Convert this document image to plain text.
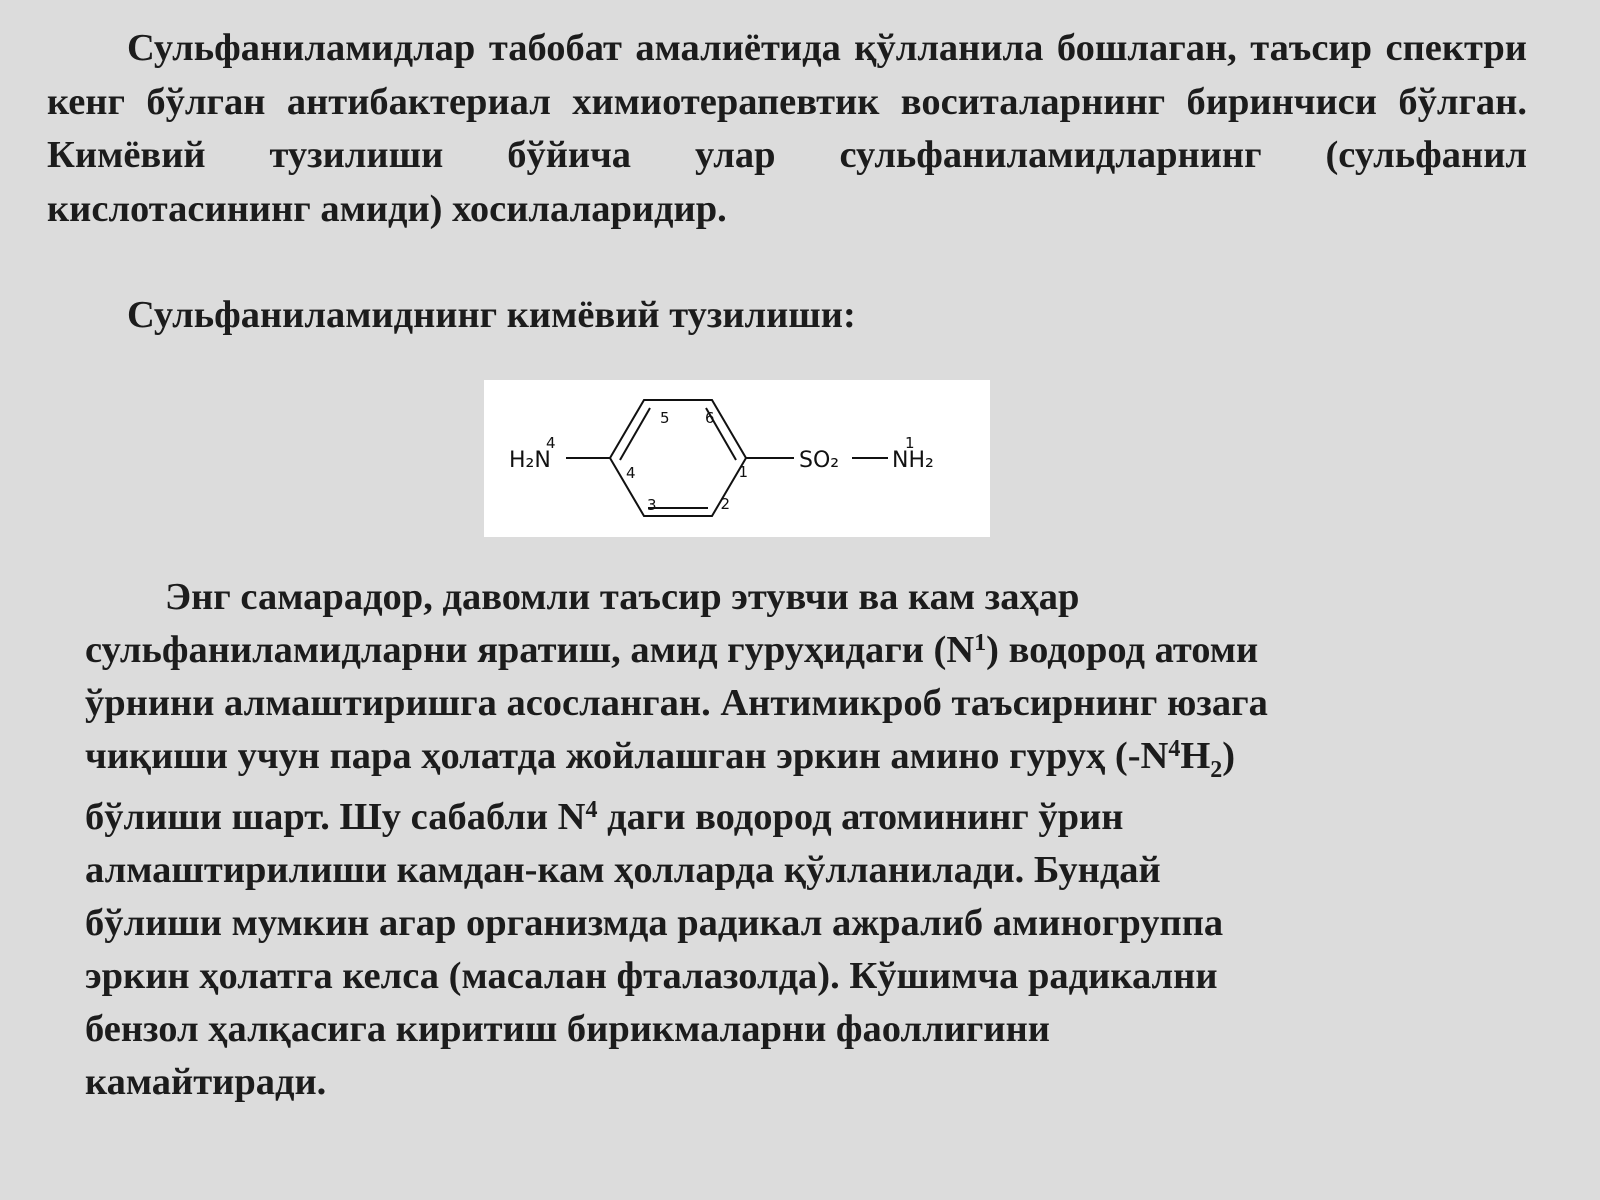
Сульфаниламидлар табобат амалиётида қўлланила бошлаган, таъсир спектри кенг бўлган антибактериал химиотерапевтик воситаларнинг биринчиси бўлган. Кимёвий тузилиши бўйича улар сульфаниламидларнинг (сульфанил кислотасининг амиди) хосилаларидир.

Сульфаниламиднинг кимёвий тузилиши:

H₂N
4
1
2
3
4
5 6
SO₂ NH₂
1
Энг самарадор, давомли таъсир этувчи ва кам заҳар
сульфаниламидларни яратиш, амид гуруҳидаги $(N^1)$ водород атоми
ўрнини алмаштиришга асосланган. Антимикроб таъсирнинг юзага
чиқиши учун пара ҳолатда жойлашган эркин амино гуруҳ $(-N^4H_2)$
бўлиши шарт. Шу сабабли $N^4$ даги водород атомининг ўрин
алмаштирилиши камдан-кам ҳолларда қўлланилади. Бундай
бўлиши мумкин агар организмда радикал ажралиб аминогруппа
эркин ҳолатга келса (масалан фталазолда). Кўшимча радикални
бензол ҳалқасига киритиш бирикмаларни фаоллигини
камайтиради.
